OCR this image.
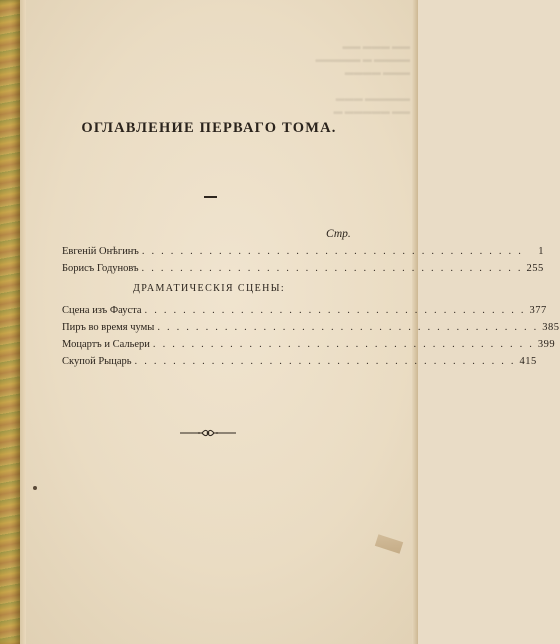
▬▬ ▬▬▬ ▬▬
▬▬▬▬ ▬ ▬▬▬▬▬
▬▬▬ ▬▬▬▬

▬▬▬▬▬ ▬▬▬
▬▬ ▬▬▬▬▬ ▬
ОГЛАВЛЕНИЕ ПЕРВАГО ТОМА.
Стр.
Евгеній Онѣгинъ . . . . . . . . . . . . . . . . . . . . . . . . . . . . . . . . . . . . . . . .	1
Борисъ Годуновъ . . . . . . . . . . . . . . . . . . . . . . . . . . . . . . . . . . . . . . . . 255
ДРАМАТИЧЕСКІЯ СЦЕНЫ:
Сцена изъ Фауста . . . . . . . . . . . . . . . . . . . . . . . . . . . . . . . . . . . . . . . . 377
Пиръ во время чумы . . . . . . . . . . . . . . . . . . . . . . . . . . . . . . . . . . . . . . . . 385
Моцартъ и Сальери . . . . . . . . . . . . . . . . . . . . . . . . . . . . . . . . . . . . . . . . 399
Скупой Рыцарь . . . . . . . . . . . . . . . . . . . . . . . . . . . . . . . . . . . . . . . . 415
